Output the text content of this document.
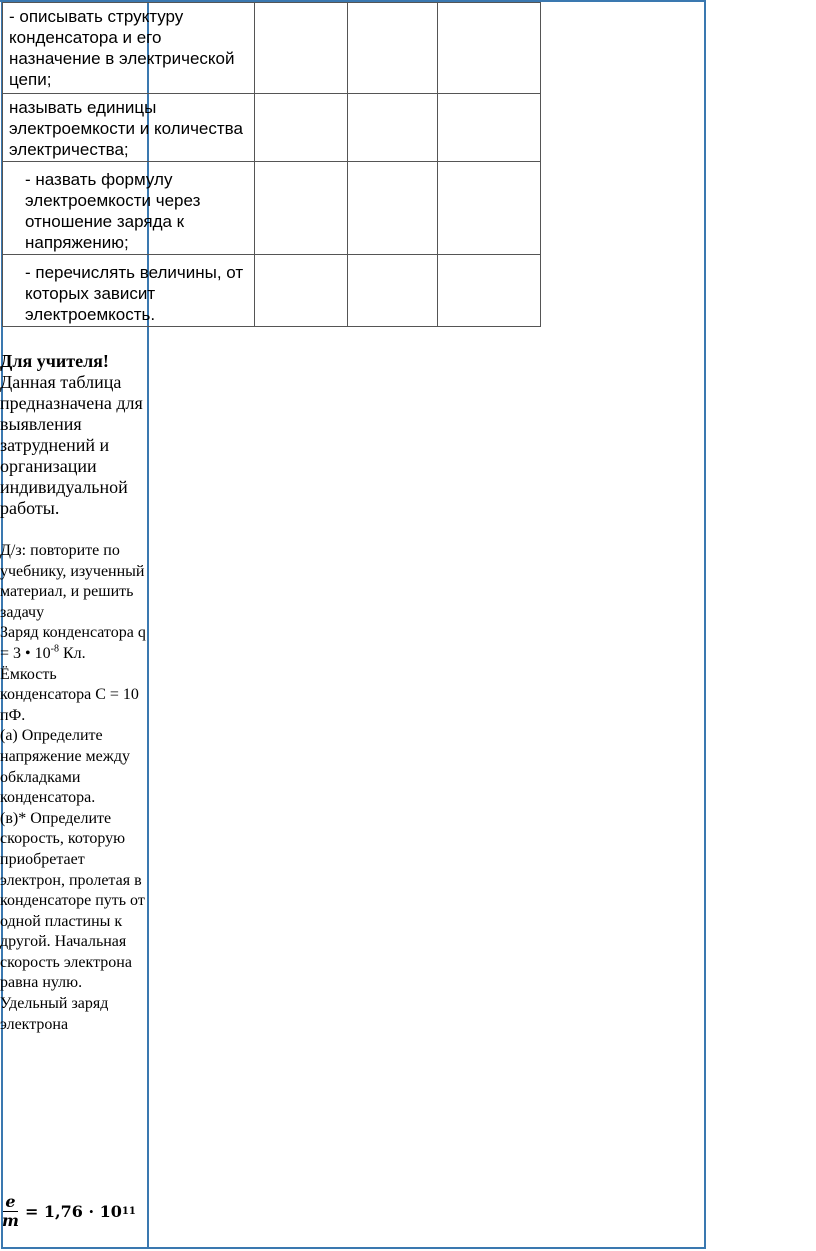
- описывать структуру конденсатора и его назначение в электрической цепи;			

называть единицы электроемкости и количества электричества;			

- назвать формулу электроемкости через отношение заряда к напряжению;			

- перечислять величины, от которых зависит электроемкость.			

Для учителя!
Данная таблица предназначена для выявления затруднений и организации индивидуальной работы.

Д/з: повторите по учебнику, изученный материал, и решить задачу

Заряд конденсатора q = 3 • $10^{-8}$ Кл.

Ёмкость конденсатора С = 10 пФ.

(а) Определите напряжение между обкладками конденсатора.

(в)* Определите скорость, которую приобретает электрон, пролетая в конденсаторе путь от одной пластины к другой. Начальная скорость электрона равна нулю. Удельный заряд электрона

$\frac{e}{m} = 1,76 \cdot 10$ 11
